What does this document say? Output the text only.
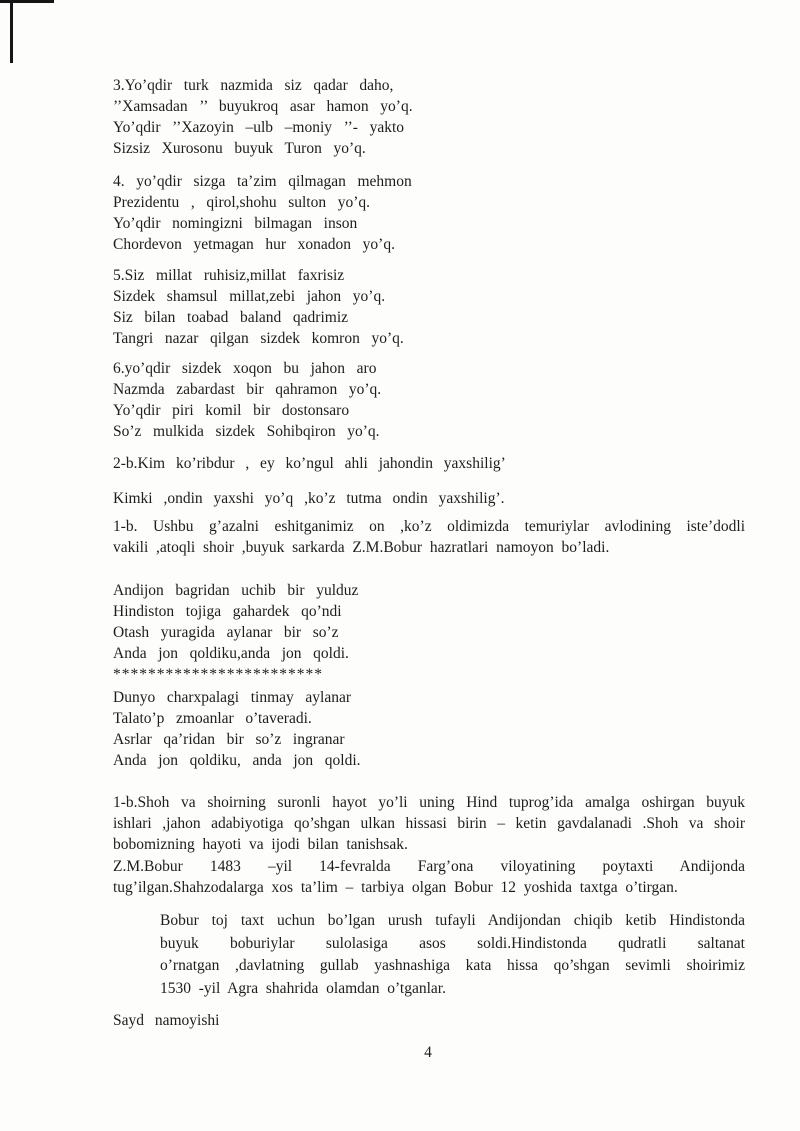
3.Yo’qdir turk nazmida siz qadar daho,
’’Xamsadan ’’ buyukroq asar hamon yo’q.
Yo’qdir ’’Xazoyin –ulb –moniy ’’- yakto
Sizsiz Xurosonu buyuk Turon yo’q.
4. yo’qdir sizga ta’zim qilmagan mehmon
Prezidentu , qirol,shohu sulton yo’q.
Yo’qdir nomingizni bilmagan inson
Chordevon yetmagan hur xonadon yo’q.
5.Siz millat ruhisiz,millat faxrisiz
Sizdek shamsul millat,zebi jahon yo’q.
Siz bilan toabad baland qadrimiz
Tangri nazar qilgan sizdek komron yo’q.
6.yo’qdir sizdek xoqon bu jahon aro
Nazmda zabardast bir qahramon yo’q.
Yo’qdir piri komil bir dostonsaro
So’z mulkida sizdek Sohibqiron yo’q.
2-b.Kim ko’ribdur , ey ko’ngul ahli jahondin yaxshilig’
Kimki ,ondin yaxshi yo’q ,ko’z tutma ondin yaxshilig’.
1-b. Ushbu g’azalni eshitganimiz on ,ko’z oldimizda temuriylar avlodining iste’dodli
vakili ,atoqli shoir ,buyuk sarkarda Z.M.Bobur hazratlari namoyon bo’ladi.
Andijon bagridan uchib bir yulduz
Hindiston tojiga gahardek qo’ndi
Otash yuragida aylanar bir so’z
Anda jon qoldiku,anda jon qoldi.
************************
Dunyo charxpalagi tinmay aylanar
Talato’p zmoanlar o’taveradi.
Asrlar qa’ridan bir so’z ingranar
Anda jon qoldiku, anda jon qoldi.
1-b.Shoh va shoirning suronli hayot yo’li uning Hind tuprog’ida amalga oshirgan buyuk
ishlari ,jahon adabiyotiga qo’shgan ulkan hissasi birin – ketin gavdalanadi .Shoh va shoir
bobomizning hayoti va ijodi bilan tanishsak.
Z.M.Bobur 1483 –yil 14-fevralda Farg’ona viloyatining poytaxti Andijonda
tug’ilgan.Shahzodalarga xos ta’lim – tarbiya olgan Bobur 12 yoshida taxtga o’tirgan.
Bobur toj taxt uchun bo’lgan urush tufayli Andijondan chiqib ketib Hindistonda
buyuk boburiylar sulolasiga asos soldi.Hindistonda qudratli saltanat
o’rnatgan ,davlatning gullab yashnashiga kata hissa qo’shgan sevimli shoirimiz
1530 -yil Agra shahrida olamdan o’tganlar.
Sayd namoyishi
4
